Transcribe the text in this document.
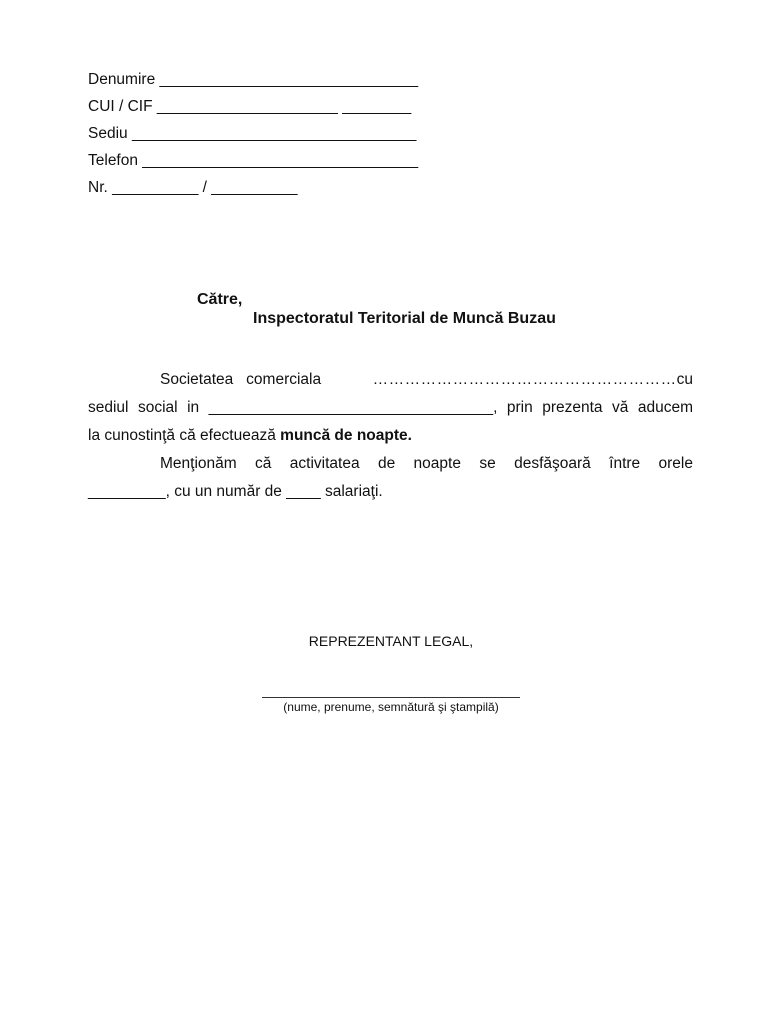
Denumire ______________________________
CUI / CIF _____________________ ________
Sediu _________________________________
Telefon ________________________________
Nr. __________ / __________
Către,
Inspectoratul Teritorial de Muncă Buzau
Societatea   comerciala	………………………………………………… cu
sediul social in _________________________________, prin prezenta vă aducem
la cunostinţă că efectuează muncă de noapte.
Menţionăm că activitatea de noapte se desfăşoară între orele
_________, cu un număr de ____ salariaţi.
REPREZENTANT LEGAL,
(nume, prenume, semnătură şi ştampilă)
